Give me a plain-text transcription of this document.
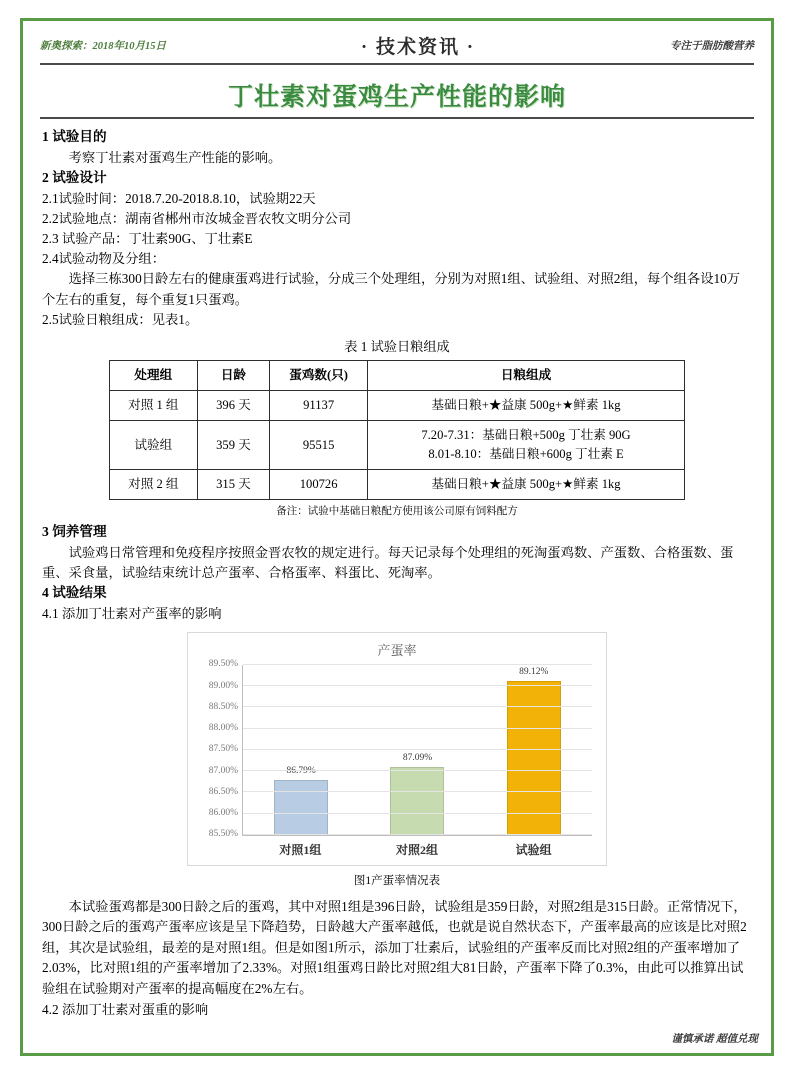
新奥探索：2018年10月15日	· 技术资讯 ·	专注于脂肪酸营养
丁壮素对蛋鸡生产性能的影响

1 试验目的

考察丁壮素对蛋鸡生产性能的影响。

2 试验设计

2.1试验时间：2018.7.20-2018.8.10，试验期22天

2.2试验地点：湖南省郴州市汝城金晋农牧文明分公司

2.3 试验产品：丁壮素90G、丁壮素E

2.4试验动物及分组：

选择三栋300日龄左右的健康蛋鸡进行试验，分成三个处理组，分别为对照1组、试验组、对照2组，每个组各设10万个左右的重复，每个重复1只蛋鸡。

2.5试验日粮组成：见表1。

表 1 试验日粮组成
处理组	日龄	蛋鸡数(只)	日粮组成
对照 1 组	396 天	91137	基础日粮+★益康 500g+★鲜素 1kg
试验组	359 天	95515	7.20-7.31：基础日粮+500g 丁壮素 90G
8.01-8.10：基础日粮+600g 丁壮素 E

对照 2 组	315 天	100726	基础日粮+★益康 500g+★鲜素 1kg
备注：试验中基础日粮配方使用该公司原有饲料配方

3 饲养管理

试验鸡日常管理和免疫程序按照金晋农牧的规定进行。每天记录每个处理组的死淘蛋鸡数、产蛋数、合格蛋数、蛋重、采食量，试验结束统计总产蛋率、合格蛋率、料蛋比、死淘率。

4 试验结果

4.1 添加丁壮素对产蛋率的影响

产蛋率
87.09%
89.12%
85.50%
86.00%
86.50%
87.00%
87.50%
88.00%
88.50%
89.00%
89.50%
对照1组	对照2组	试验组
图1产蛋率情况表

本试验蛋鸡都是300日龄之后的蛋鸡，其中对照1组是396日龄，试验组是359日龄，对照2组是315日龄。正常情况下，300日龄之后的蛋鸡产蛋率应该是呈下降趋势，日龄越大产蛋率越低，也就是说自然状态下，产蛋率最高的应该是比对照2组，其次是试验组，最差的是对照1组。但是如图1所示，添加丁壮素后，试验组的产蛋率反而比对照2组的产蛋率增加了2.03%，比对照1组的产蛋率增加了2.33%。对照1组蛋鸡日龄比对照2组大81日龄，产蛋率下降了0.3%，由此可以推算出试验组在试验期对产蛋率的提高幅度在2%左右。

4.2 添加丁壮素对蛋重的影响

谨慎承诺 超值兑现
